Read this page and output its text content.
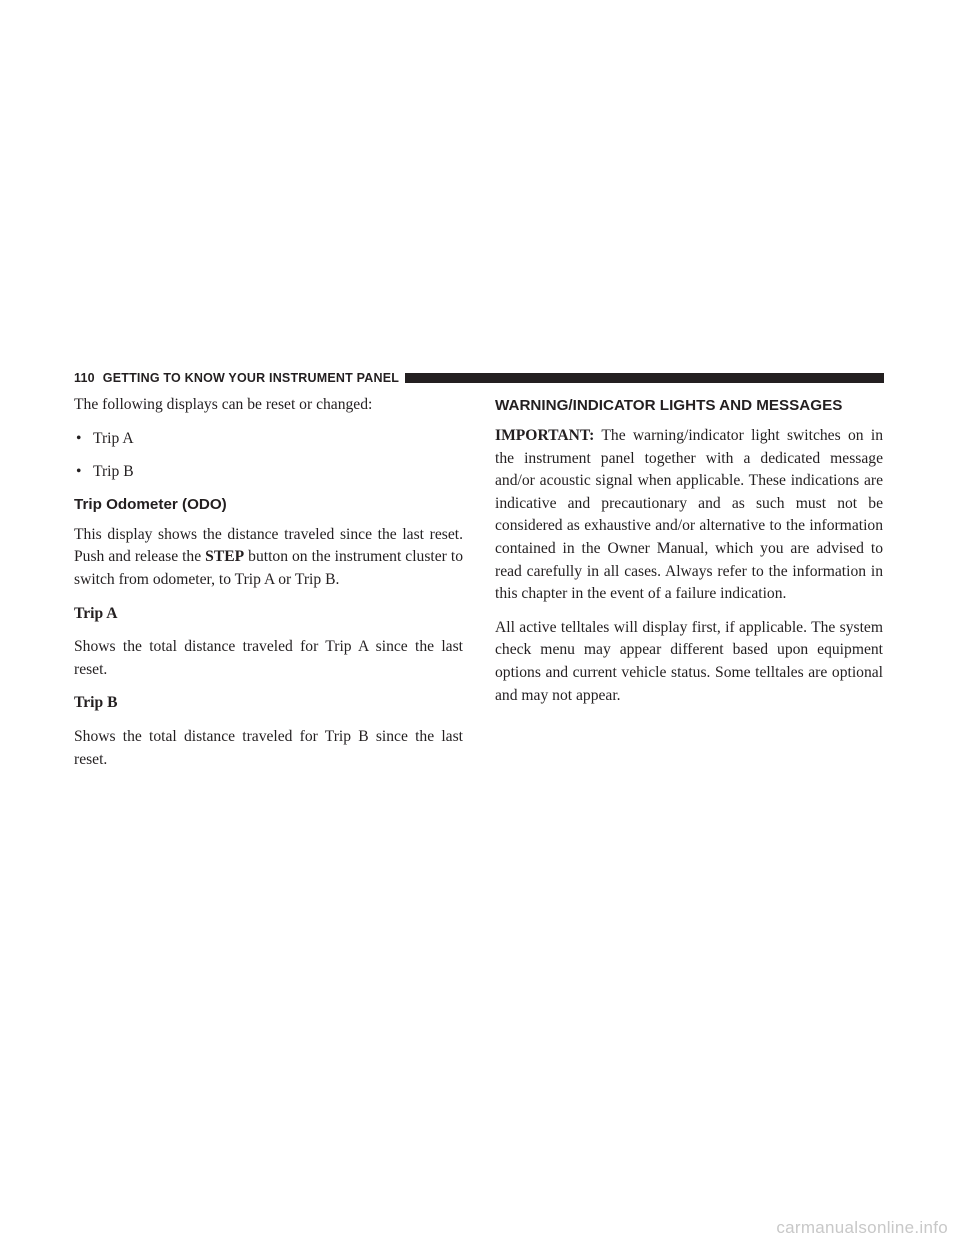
110 GETTING TO KNOW YOUR INSTRUMENT PANEL

The following displays can be reset or changed:

• Trip A
• Trip B
Trip Odometer (ODO)

This display shows the distance traveled since the last reset. Push and release the STEP button on the instrument cluster to switch from odometer, to Trip A or Trip B.

Trip A

Shows the total distance traveled for Trip A since the last reset.

Trip B

Shows the total distance traveled for Trip B since the last reset.

WARNING/INDICATOR LIGHTS AND MESSAGES

IMPORTANT: The warning/indicator light switches on in the instrument panel together with a dedicated message and/or acoustic signal when applicable. These indications are indicative and precautionary and as such must not be considered as exhaustive and/or alternative to the information contained in the Owner Manual, which you are advised to read carefully in all cases. Always refer to the information in this chapter in the event of a failure indication.

All active telltales will display first, if applicable. The system check menu may appear different based upon equipment options and current vehicle status. Some telltales are optional and may not appear.

carmanualsonline.info
